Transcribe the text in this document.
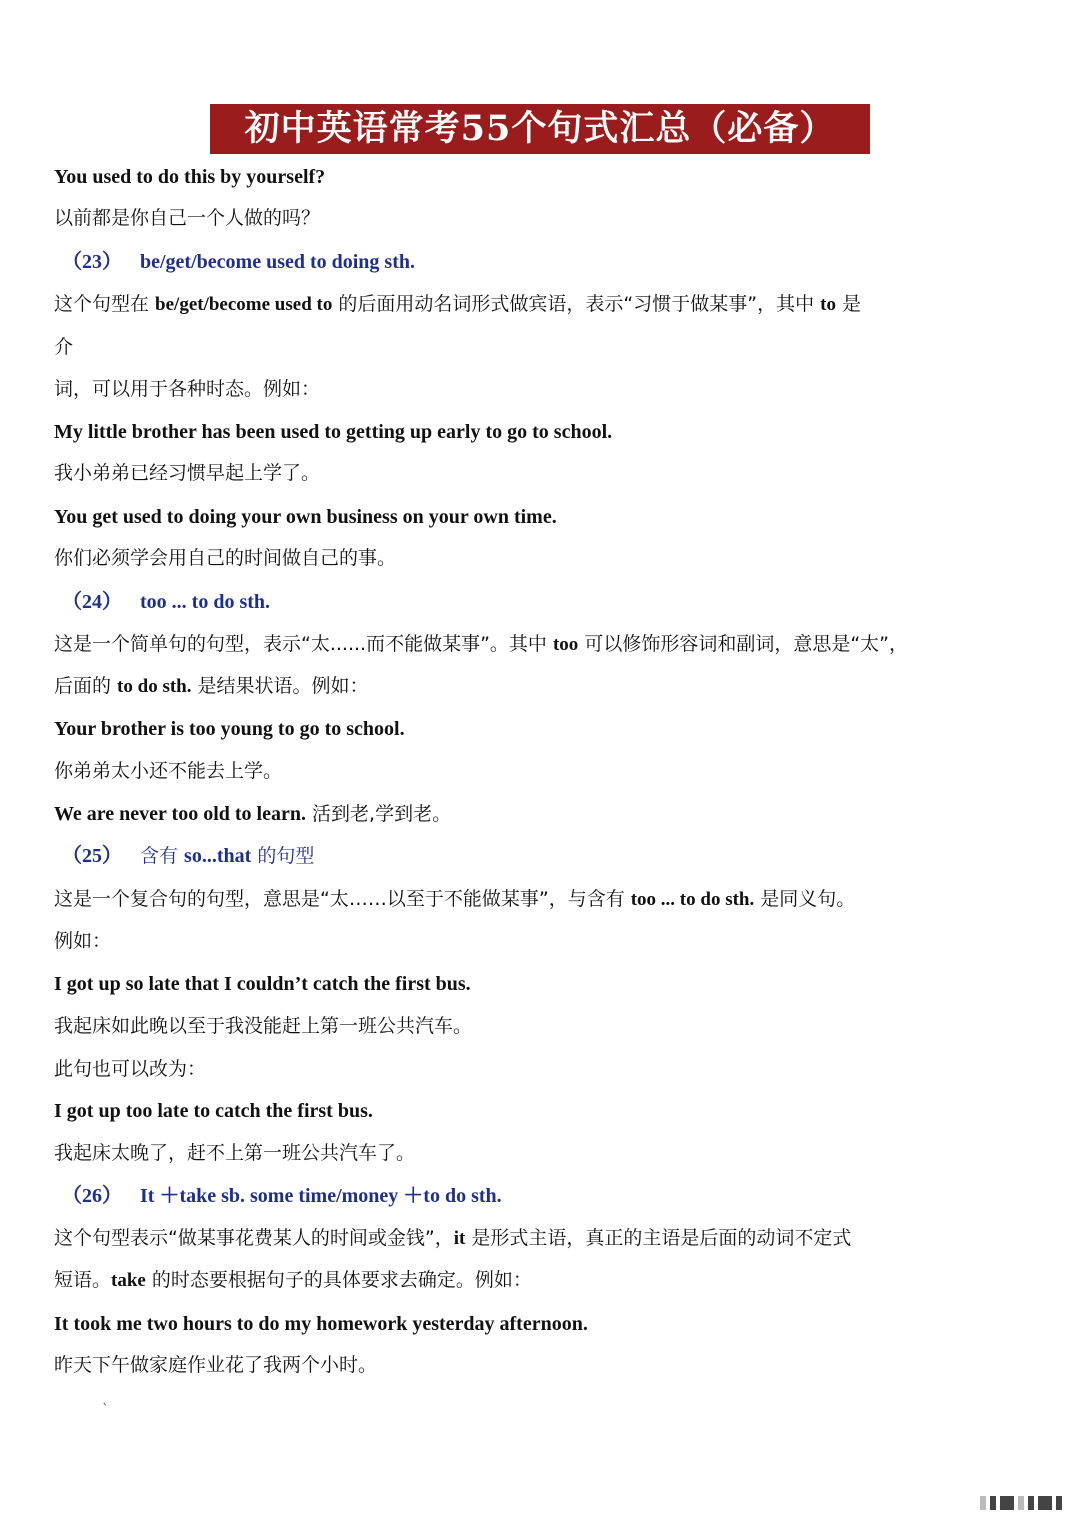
初中英语常考55个句式汇总（必备）
You used to do this by yourself?
以前都是你自己一个人做的吗？
（23） be/get/become used to doing sth.
这个句型在 be/get/become used to 的后面用动名词形式做宾语，表示“习惯于做某事”，其中 to 是
介
词，可以用于各种时态。例如：
My little brother has been used to getting up early to go to school.
我小弟弟已经习惯早起上学了。
You get used to doing your own business on your own time.
你们必须学会用自己的时间做自己的事。
（24） too ... to do sth.
这是一个简单句的句型，表示“太......而不能做某事”。其中 too 可以修饰形容词和副词，意思是“太”，
后面的 to do sth. 是结果状语。例如：
Your brother is too young to go to school.
你弟弟太小还不能去上学。
We are never too old to learn. 活到老,学到老。
（25） 含有 so...that 的句型
这是一个复合句的句型，意思是“太……以至于不能做某事”，与含有 too ... to do sth. 是同义句。
例如：
I got up so late that I couldn’t catch the first bus.
我起床如此晚以至于我没能赶上第一班公共汽车。
此句也可以改为：
I got up too late to catch the first bus.
我起床太晚了，赶不上第一班公共汽车了。
（26） It ＋take sb. some time/money ＋to do sth.
这个句型表示“做某事花费某人的时间或金钱”，it 是形式主语，真正的主语是后面的动词不定式
短语。take 的时态要根据句子的具体要求去确定。例如：
It took me two hours to do my homework yesterday afternoon.
昨天下午做家庭作业花了我两个小时。
`
